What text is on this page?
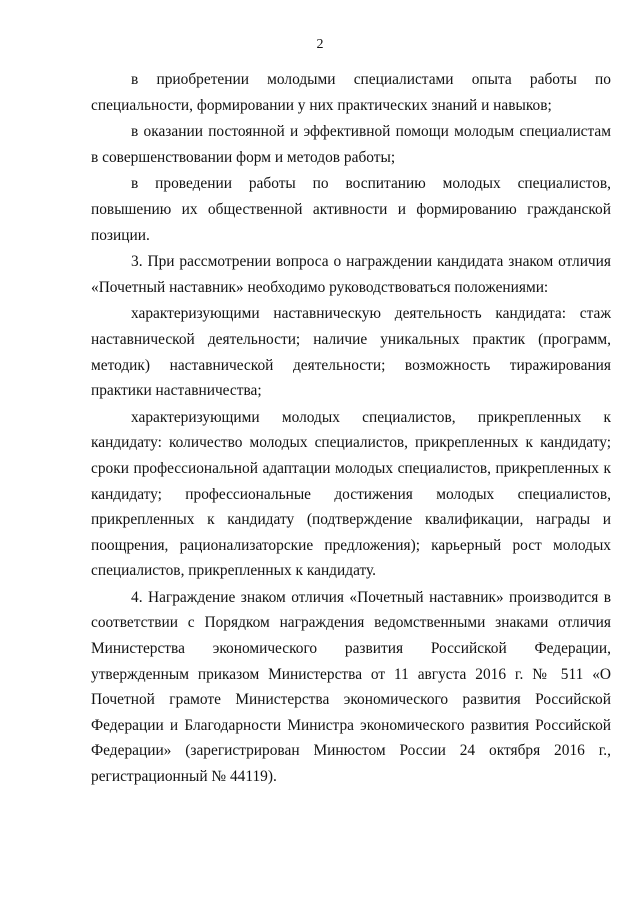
2

в приобретении молодыми специалистами опыта работы по специальности, формировании у них практических знаний и навыков;

в оказании постоянной и эффективной помощи молодым специалистам в совершенствовании форм и методов работы;

в проведении работы по воспитанию молодых специалистов, повышению их общественной активности и формированию гражданской позиции.

3. При рассмотрении вопроса о награждении кандидата знаком отличия «Почетный наставник» необходимо руководствоваться положениями:

характеризующими наставническую деятельность кандидата: стаж наставнической деятельности; наличие уникальных практик (программ, методик) наставнической деятельности; возможность тиражирования практики наставничества;

характеризующими молодых специалистов, прикрепленных к кандидату: количество молодых специалистов, прикрепленных к кандидату; сроки профессиональной адаптации молодых специалистов, прикрепленных к кандидату; профессиональные достижения молодых специалистов, прикрепленных к кандидату (подтверждение квалификации, награды и поощрения, рационализаторские предложения); карьерный рост молодых специалистов, прикрепленных к кандидату.

4. Награждение знаком отличия «Почетный наставник» производится в соответствии с Порядком награждения ведомственными знаками отличия Министерства экономического развития Российской Федерации, утвержденным приказом Министерства от 11 августа 2016 г. № 511 «О Почетной грамоте Министерства экономического развития Российской Федерации и Благодарности Министра экономического развития Российской Федерации» (зарегистрирован Минюстом России 24 октября 2016 г., регистрационный № 44119).
